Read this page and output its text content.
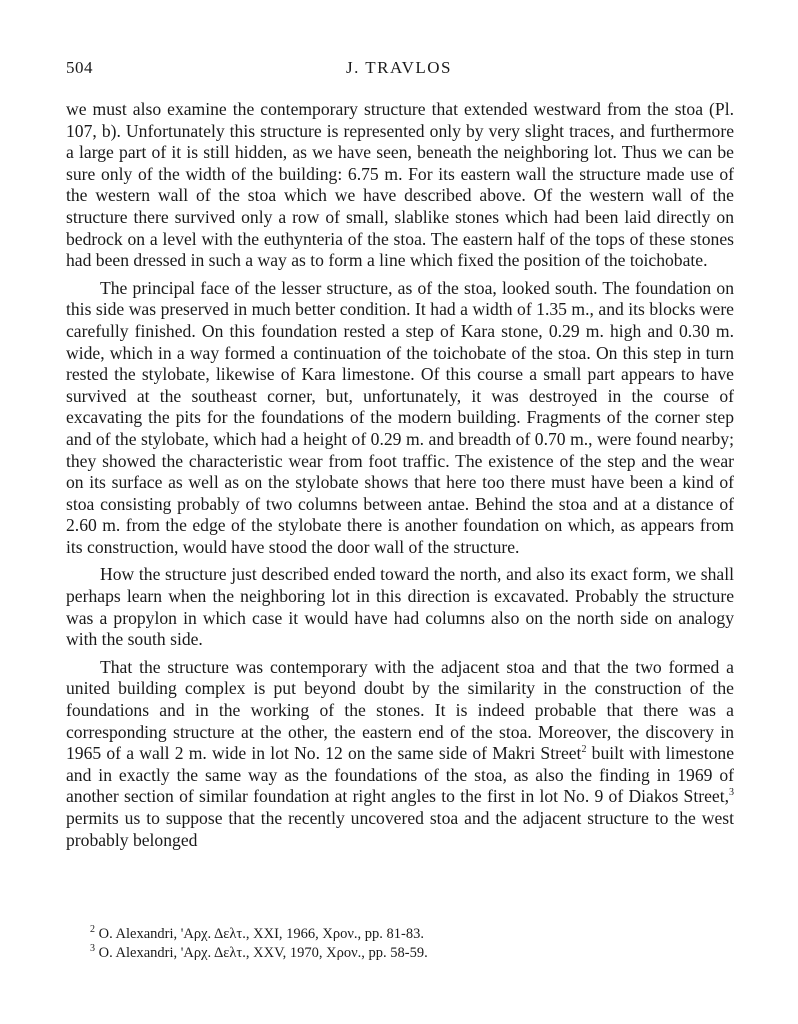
504	J. TRAVLOS

we must also examine the contemporary structure that extended westward from the stoa (Pl. 107, b). Unfortunately this structure is represented only by very slight traces, and furthermore a large part of it is still hidden, as we have seen, beneath the neighboring lot. Thus we can be sure only of the width of the building: 6.75 m. For its eastern wall the structure made use of the western wall of the stoa which we have described above. Of the western wall of the structure there survived only a row of small, slablike stones which had been laid directly on bedrock on a level with the euthynteria of the stoa. The eastern half of the tops of these stones had been dressed in such a way as to form a line which fixed the position of the toichobate.

The principal face of the lesser structure, as of the stoa, looked south. The foundation on this side was preserved in much better condition. It had a width of 1.35 m., and its blocks were carefully finished. On this foundation rested a step of Kara stone, 0.29 m. high and 0.30 m. wide, which in a way formed a continuation of the toichobate of the stoa. On this step in turn rested the stylobate, likewise of Kara limestone. Of this course a small part appears to have survived at the southeast corner, but, unfortunately, it was destroyed in the course of excavating the pits for the foundations of the modern building. Fragments of the corner step and of the stylobate, which had a height of 0.29 m. and breadth of 0.70 m., were found nearby; they showed the characteristic wear from foot traffic. The existence of the step and the wear on its surface as well as on the stylobate shows that here too there must have been a kind of stoa consisting probably of two columns between antae. Behind the stoa and at a distance of 2.60 m. from the edge of the stylobate there is another foundation on which, as appears from its construction, would have stood the door wall of the structure.

How the structure just described ended toward the north, and also its exact form, we shall perhaps learn when the neighboring lot in this direction is excavated. Probably the structure was a propylon in which case it would have had columns also on the north side on analogy with the south side.

That the structure was contemporary with the adjacent stoa and that the two formed a united building complex is put beyond doubt by the similarity in the construction of the foundations and in the working of the stones. It is indeed probable that there was a corresponding structure at the other, the eastern end of the stoa. Moreover, the discovery in 1965 of a wall 2 m. wide in lot No. 12 on the same side of Makri Street$^2$ built with limestone and in exactly the same way as the foundations of the stoa, as also the finding in 1969 of another section of similar foundation at right angles to the first in lot No. 9 of Diakos Street,$^3$ permits us to suppose that the recently uncovered stoa and the adjacent structure to the west probably belonged

$^2$ O. Alexandri, 'Αρχ. Δελτ., XXI, 1966, Χρον., pp. 81-83.
$^3$ O. Alexandri, 'Αρχ. Δελτ., XXV, 1970, Χρον., pp. 58-59.
